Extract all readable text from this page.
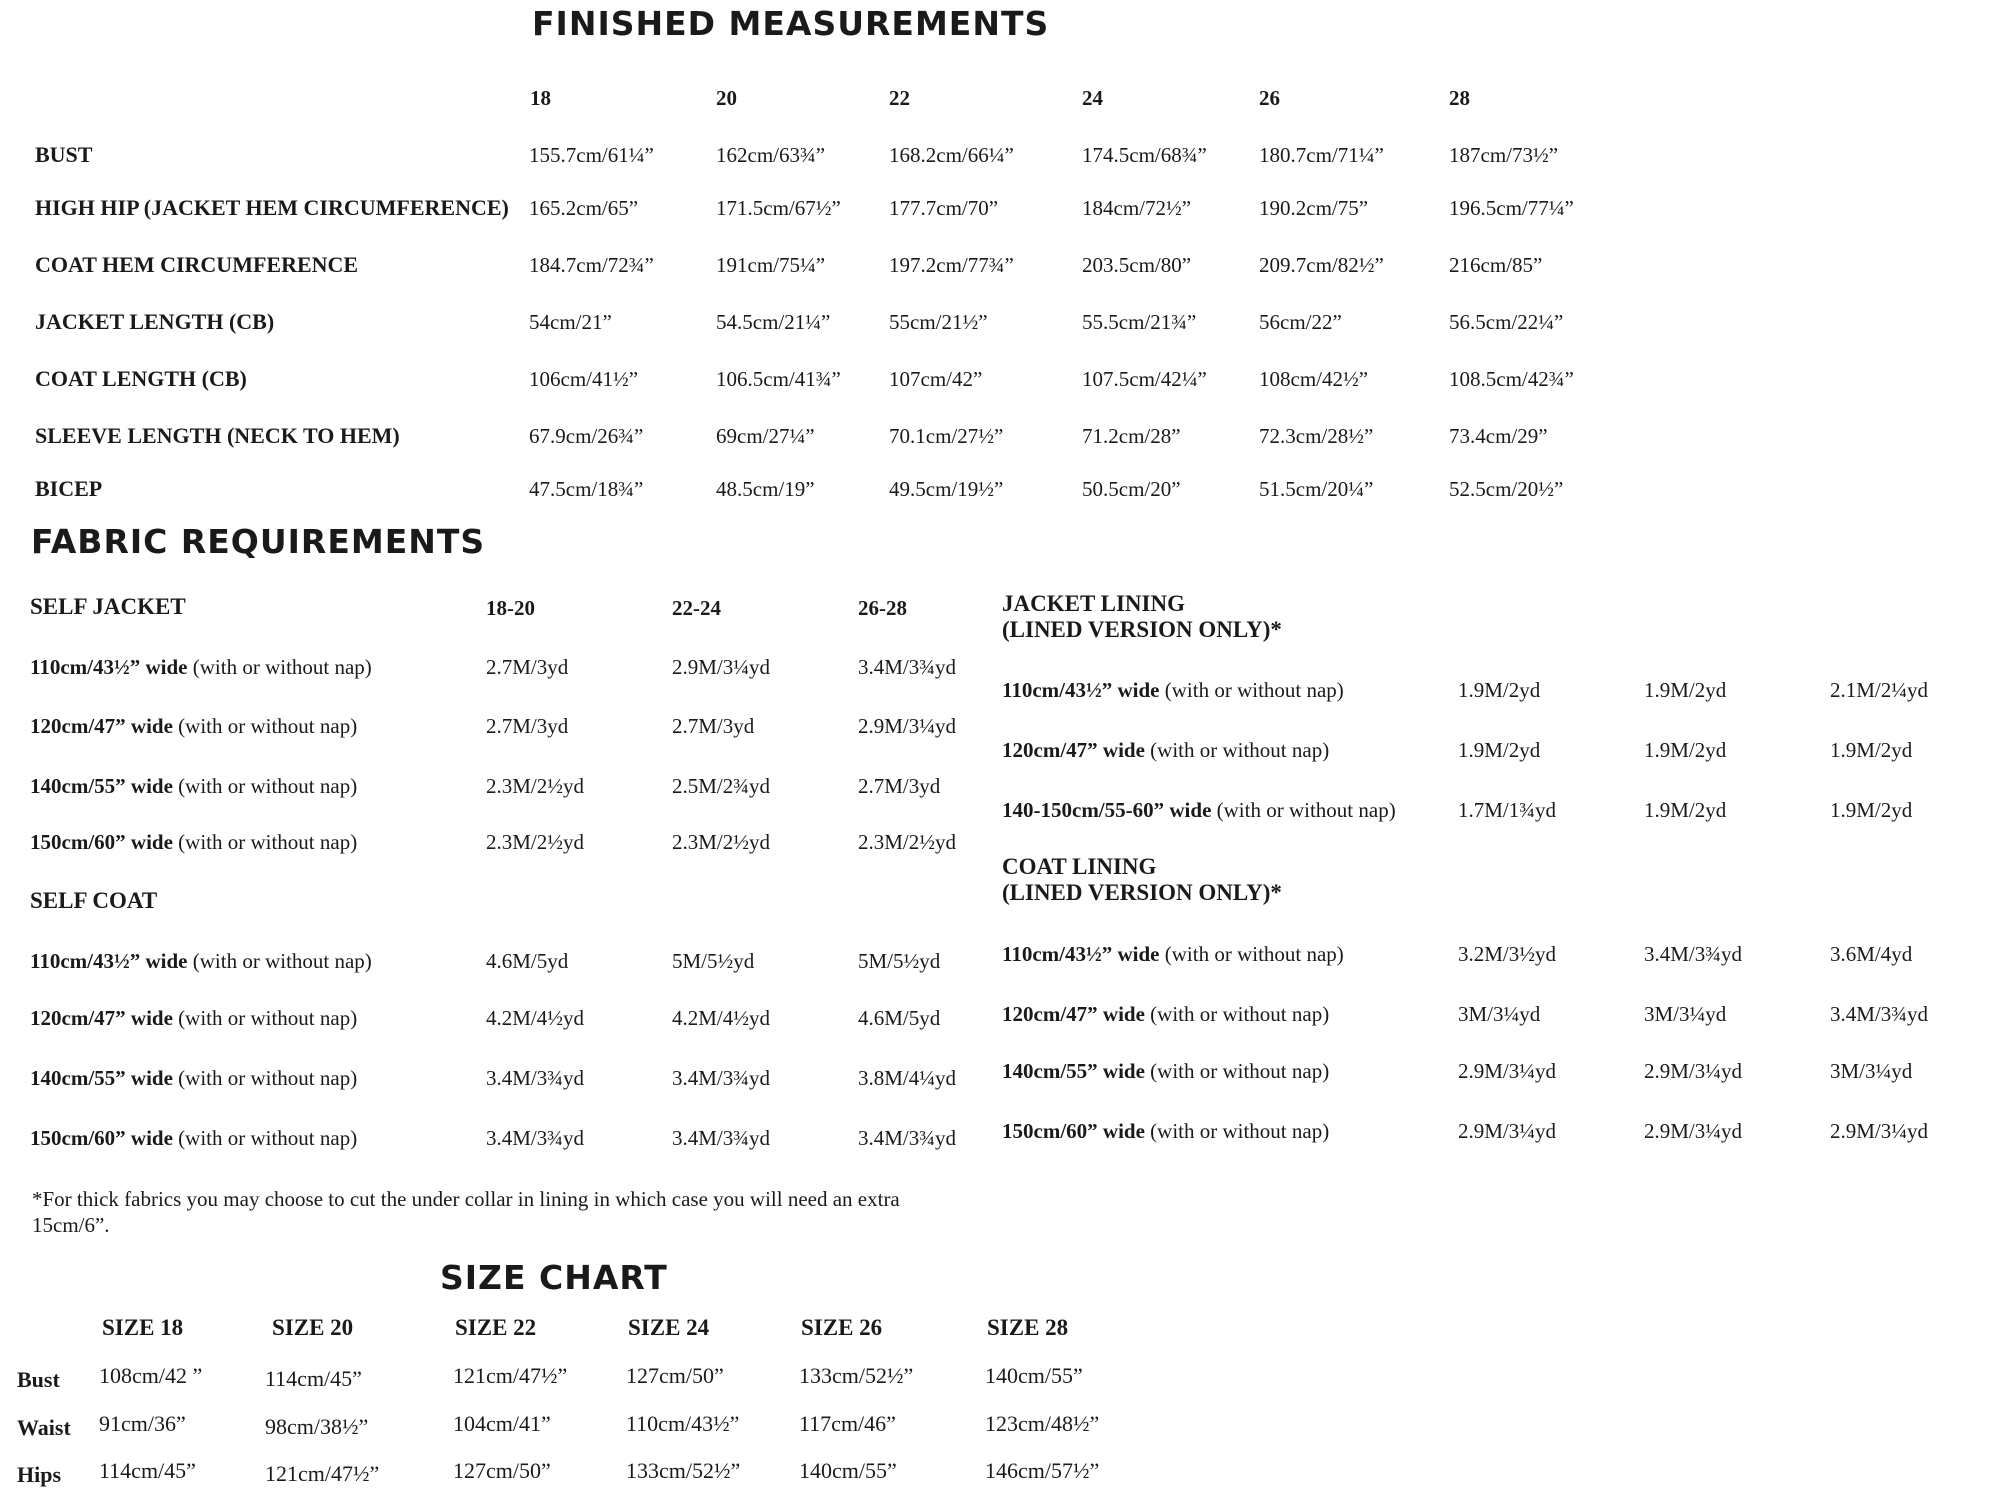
FINISHED MEASUREMENTS
18	20	22	24	26	28
BUST	155.7cm/61¼”	162cm/63¾”	168.2cm/66¼”	174.5cm/68¾” 180.7cm/71¼”	187cm/73½”
HIGH HIP (JACKET HEM CIRCUMFERENCE) 165.2cm/65”	171.5cm/67½” 177.7cm/70”	184cm/72½”	190.2cm/75”	196.5cm/77¼”
COAT HEM CIRCUMFERENCE	184.7cm/72¾”	191cm/75¼”	197.2cm/77¾”	203.5cm/80”	209.7cm/82½”	216cm/85”
JACKET LENGTH (CB)	54cm/21”	54.5cm/21¼”	55cm/21½”	55.5cm/21¾”	56cm/22”	56.5cm/22¼”
COAT LENGTH (CB)	106cm/41½”	106.5cm/41¾” 107cm/42”	107.5cm/42¼” 108cm/42½”	108.5cm/42¾”
SLEEVE LENGTH (NECK TO HEM)	67.9cm/26¾”	69cm/27¼”	70.1cm/27½”	71.2cm/28”	72.3cm/28½”	73.4cm/29”
BICEP	47.5cm/18¾”	48.5cm/19”	49.5cm/19½”	50.5cm/20”	51.5cm/20¼”	52.5cm/20½”
FABRIC REQUIREMENTS
SELF JACKET	18-20	22-24	26-28
110cm/43½” wide (with or without nap)	2.7M/3yd	2.9M/3¼yd	3.4M/3¾yd
120cm/47” wide (with or without nap)	2.7M/3yd	2.7M/3yd	2.9M/3¼yd
140cm/55” wide (with or without nap)	2.3M/2½yd	2.5M/2¾yd	2.7M/3yd
150cm/60” wide (with or without nap)	2.3M/2½yd	2.3M/2½yd	2.3M/2½yd
SELF COAT
110cm/43½” wide (with or without nap)	4.6M/5yd	5M/5½yd	5M/5½yd
120cm/47” wide (with or without nap)	4.2M/4½yd	4.2M/4½yd	4.6M/5yd
140cm/55” wide (with or without nap)	3.4M/3¾yd	3.4M/3¾yd	3.8M/4¼yd
150cm/60” wide (with or without nap)	3.4M/3¾yd	3.4M/3¾yd	3.4M/3¾yd
JACKET LINING
(LINED VERSION ONLY)*
110cm/43½” wide (with or without nap)	1.9M/2yd	1.9M/2yd	2.1M/2¼yd
120cm/47” wide (with or without nap)	1.9M/2yd	1.9M/2yd	1.9M/2yd
140-150cm/55-60” wide (with or without nap)	1.7M/1¾yd	1.9M/2yd	1.9M/2yd
COAT LINING
(LINED VERSION ONLY)*
110cm/43½” wide (with or without nap)	3.2M/3½yd	3.4M/3¾yd	3.6M/4yd
120cm/47” wide (with or without nap)	3M/3¼yd	3M/3¼yd	3.4M/3¾yd
140cm/55” wide (with or without nap)	2.9M/3¼yd	2.9M/3¼yd	3M/3¼yd
150cm/60” wide (with or without nap)	2.9M/3¼yd	2.9M/3¼yd	2.9M/3¼yd
*For thick fabrics you may choose to cut the under collar in lining in which case you will need an extra
15cm/6”.
SIZE CHART
SIZE 18	SIZE 20	SIZE 22	SIZE 24	SIZE 26	SIZE 28
Bust 108cm/42 ”	114cm/45”	121cm/47½”	127cm/50”	133cm/52½”	140cm/55”
Waist 91cm/36”	98cm/38½”	104cm/41”	110cm/43½”	117cm/46”	123cm/48½”
Hips 114cm/45”	121cm/47½”	127cm/50”	133cm/52½”	140cm/55”	146cm/57½”
